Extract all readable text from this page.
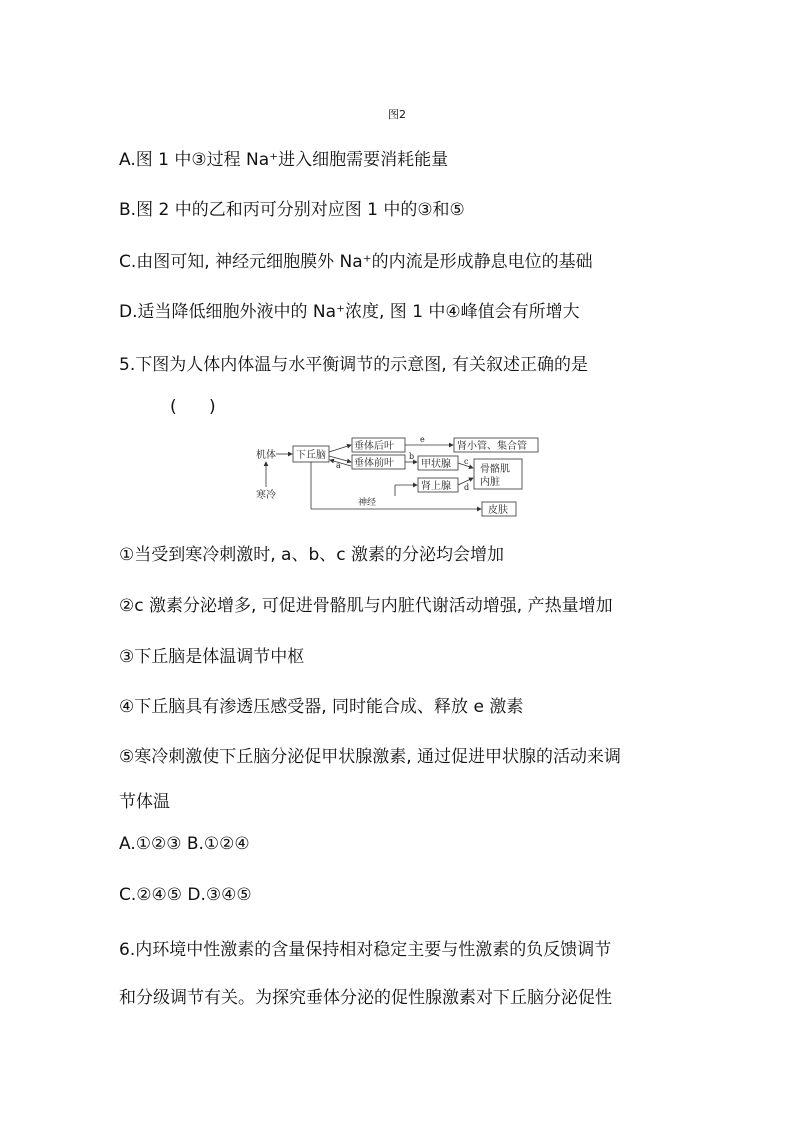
图2
A.图 1 中③过程 Na⁺进入细胞需要消耗能量
B.图 2 中的乙和丙可分别对应图 1 中的③和⑤
C.由图可知, 神经元细胞膜外 Na⁺的内流是形成静息电位的基础
D.适当降低细胞外液中的 Na⁺浓度, 图 1 中④峰值会有所增大
5.下图为人体内体温与水平衡调节的示意图, 有关叙述正确的是
(      )
机体
寒冷
下丘脑
垂体后叶
垂体前叶
肾小管、集合管
甲状腺
肾上腺
骨骼肌
内脏
皮肤
神经
a
b
c
d
e
①当受到寒冷刺激时, a、b、c 激素的分泌均会增加
②c 激素分泌增多, 可促进骨骼肌与内脏代谢活动增强, 产热量增加
③下丘脑是体温调节中枢
④下丘脑具有渗透压感受器, 同时能合成、释放 e 激素
⑤寒冷刺激使下丘脑分泌促甲状腺激素, 通过促进甲状腺的活动来调
节体温
A.①②③ B.①②④
C.②④⑤ D.③④⑤
6.内环境中性激素的含量保持相对稳定主要与性激素的负反馈调节
和分级调节有关。为探究垂体分泌的促性腺激素对下丘脑分泌促性
